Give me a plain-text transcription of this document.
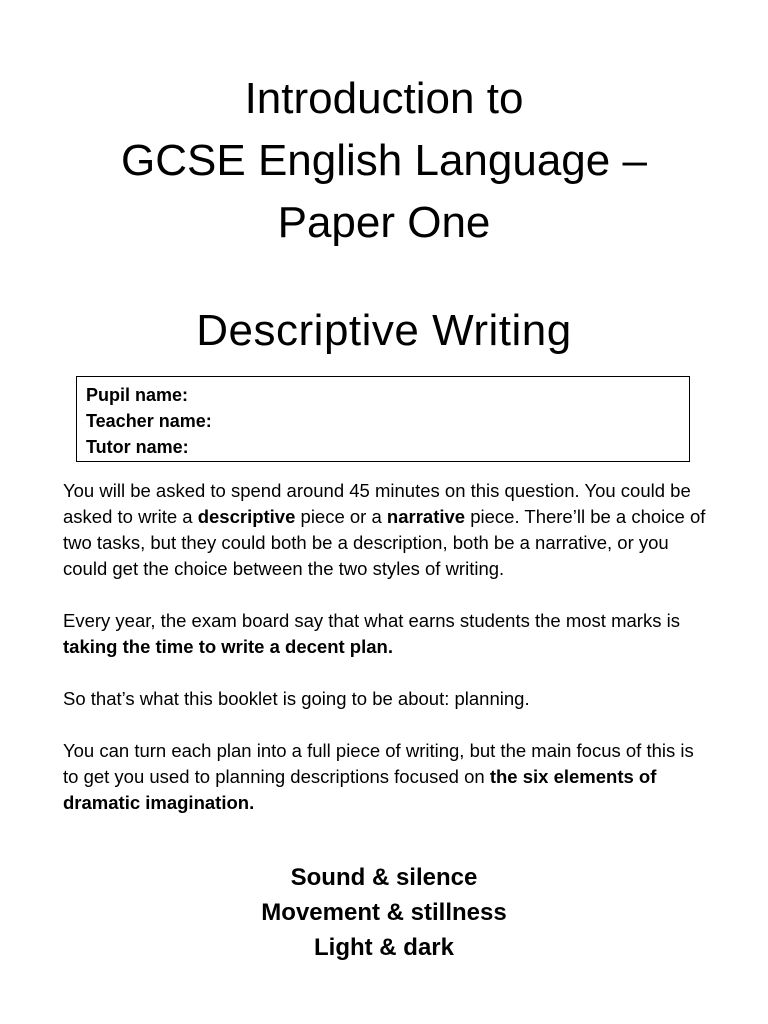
Introduction to
GCSE English Language –
Paper One
Descriptive Writing
Pupil name:
Teacher name:
Tutor name:

You will be asked to spend around 45 minutes on this question. You could be asked to write a descriptive piece or a narrative piece. There’ll be a choice of two tasks, but they could both be a description, both be a narrative, or you could get the choice between the two styles of writing.

Every year, the exam board say that what earns students the most marks is taking the time to write a decent plan.

So that’s what this booklet is going to be about: planning.

You can turn each plan into a full piece of writing, but the main focus of this is to get you used to planning descriptions focused on the six elements of dramatic imagination.

Sound & silence
Movement & stillness
Light & dark
